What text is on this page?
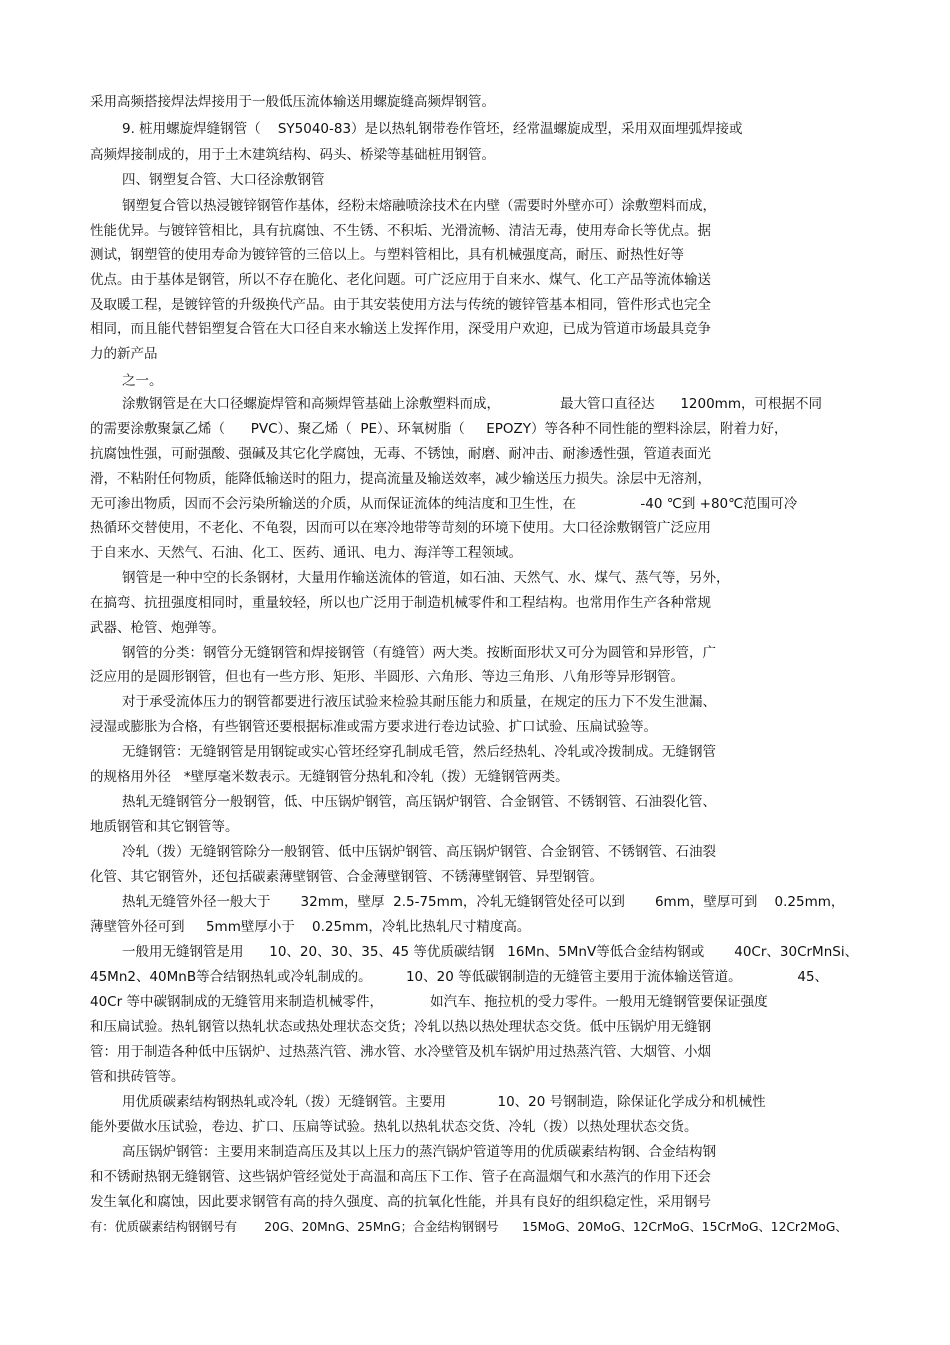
采用高频搭接焊法焊接用于一般低压流体输送用螺旋缝高频焊钢管。

9. 桩用螺旋焊缝钢管（    SY5040-83）是以热轧钢带卷作管坯，经常温螺旋成型，采用双面埋弧焊接或

高频焊接制成的，用于土木建筑结构、码头、桥梁等基础桩用钢管。

四、钢塑复合管、大口径涂敷钢管

钢塑复合管以热浸镀锌钢管作基体，经粉末熔融喷涂技术在内壁（需要时外壁亦可）涂敷塑料而成，

性能优异。与镀锌管相比，具有抗腐蚀、不生锈、不积垢、光滑流畅、清洁无毒，使用寿命长等优点。据

测试，钢塑管的使用寿命为镀锌管的三倍以上。与塑料管相比，具有机械强度高，耐压、耐热性好等

优点。由于基体是钢管，所以不存在脆化、老化问题。可广泛应用于自来水、煤气、化工产品等流体输送

及取暖工程，是镀锌管的升级换代产品。由于其安装使用方法与传统的镀锌管基本相同，管件形式也完全

相同，而且能代替铝塑复合管在大口径自来水输送上发挥作用，深受用户欢迎，已成为管道市场最具竞争

力的新产品

之一。

涂敷钢管是在大口径螺旋焊管和高频焊管基础上涂敷塑料而成，              最大管口直径达      1200mm，可根据不同

的需要涂敷聚氯乙烯（      PVC）、聚乙烯（  PE）、环氧树脂（     EPOZY）等各种不同性能的塑料涂层，附着力好，

抗腐蚀性强，可耐强酸、强碱及其它化学腐蚀，无毒、不锈蚀，耐磨、耐冲击、耐渗透性强，管道表面光

滑，不粘附任何物质，能降低输送时的阻力，提高流量及输送效率，减少输送压力损失。涂层中无溶剂，

无可渗出物质，因而不会污染所输送的介质，从而保证流体的纯洁度和卫生性，在               -40 ℃到 +80℃范围可冷

热循环交替使用，不老化、不龟裂，因而可以在寒冷地带等苛刻的环境下使用。大口径涂敷钢管广泛应用

于自来水、天然气、石油、化工、医药、通讯、电力、海洋等工程领域。

钢管是一种中空的长条钢材，大量用作输送流体的管道，如石油、天然气、水、煤气、蒸气等，另外，

在搞弯、抗扭强度相同时，重量较轻，所以也广泛用于制造机械零件和工程结构。也常用作生产各种常规

武器、枪管、炮弹等。

钢管的分类：钢管分无缝钢管和焊接钢管（有缝管）两大类。按断面形状又可分为圆管和异形管，广

泛应用的是圆形钢管，但也有一些方形、矩形、半圆形、六角形、等边三角形、八角形等异形钢管。

对于承受流体压力的钢管都要进行液压试验来检验其耐压能力和质量，在规定的压力下不发生泄漏、

浸湿或膨胀为合格，有些钢管还要根据标准或需方要求进行卷边试验、扩口试验、压扁试验等。

无缝钢管：无缝钢管是用钢锭或实心管坯经穿孔制成毛管，然后经热轧、冷轧或冷拨制成。无缝钢管

的规格用外径   *壁厚毫米数表示。无缝钢管分热轧和冷轧（拨）无缝钢管两类。

热轧无缝钢管分一般钢管，低、中压锅炉钢管，高压锅炉钢管、合金钢管、不锈钢管、石油裂化管、

地质钢管和其它钢管等。

冷轧（拨）无缝钢管除分一般钢管、低中压锅炉钢管、高压锅炉钢管、合金钢管、不锈钢管、石油裂

化管、其它钢管外，还包括碳素薄壁钢管、合金薄壁钢管、不锈薄壁钢管、异型钢管。

热轧无缝管外径一般大于       32mm，壁厚  2.5-75mm，冷轧无缝钢管处径可以到       6mm，壁厚可到    0.25mm，

薄壁管外径可到     5mm壁厚小于    0.25mm，冷轧比热轧尺寸精度高。

一般用无缝钢管是用      10、20、30、35、45 等优质碳结钢   16Mn、5MnV等低合金结构钢或       40Cr、30CrMnSi、

45Mn2、40MnB等合结钢热轧或冷轧制成的。        10、20 等低碳钢制造的无缝管主要用于流体输送管道。             45、

40Cr 等中碳钢制成的无缝管用来制造机械零件，           如汽车、拖拉机的受力零件。一般用无缝钢管要保证强度

和压扁试验。热轧钢管以热轧状态或热处理状态交货；冷轧以热以热处理状态交货。低中压锅炉用无缝钢

管：用于制造各种低中压锅炉、过热蒸汽管、沸水管、水冷壁管及机车锅炉用过热蒸汽管、大烟管、小烟

管和拱砖管等。

用优质碳素结构钢热轧或冷轧（拨）无缝钢管。主要用            10、20 号钢制造，除保证化学成分和机械性

能外要做水压试验，卷边、扩口、压扁等试验。热轧以热轧状态交货、冷轧（拨）以热处理状态交货。

高压锅炉钢管：主要用来制造高压及其以上压力的蒸汽锅炉管道等用的优质碳素结构钢、合金结构钢

和不锈耐热钢无缝钢管、这些锅炉管经觉处于高温和高压下工作、管子在高温烟气和水蒸汽的作用下还会

发生氧化和腐蚀，因此要求钢管有高的持久强度、高的抗氧化性能，并具有良好的组织稳定性，采用钢号

有：优质碳素结构钢钢号有       20G、20MnG、25MnG；合金结构钢钢号      15MoG、20MoG、12CrMoG、15CrMoG、12Cr2MoG、
